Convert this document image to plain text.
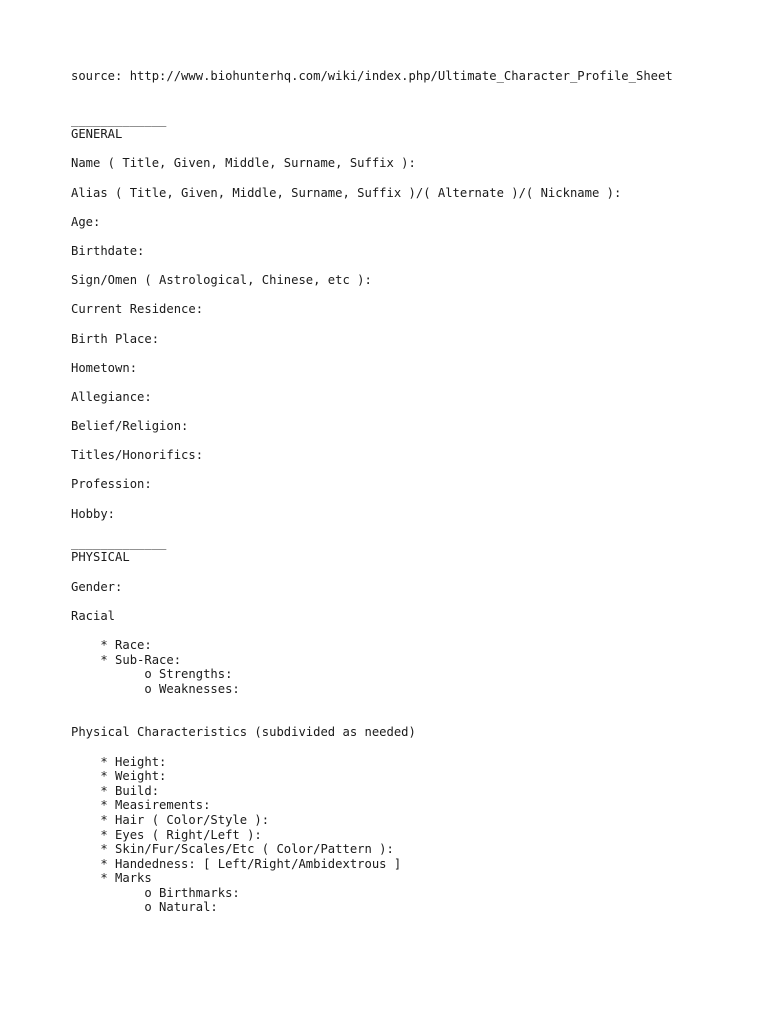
source: http://www.biohunterhq.com/wiki/index.php/Ultimate_Character_Profile_Sheet
_____________
GENERAL
Name ( Title, Given, Middle, Surname, Suffix ):
Alias ( Title, Given, Middle, Surname, Suffix )/( Alternate )/( Nickname ):
Age:
Birthdate:
Sign/Omen ( Astrological, Chinese, etc ):
Current Residence:
Birth Place:
Hometown:
Allegiance:
Belief/Religion:
Titles/Honorifics:
Profession:
Hobby:
_____________
PHYSICAL
Gender:
Racial
* Race:
* Sub-Race:
o Strengths:
o Weaknesses:
Physical Characteristics (subdivided as needed)
* Height:
* Weight:
* Build:
* Measirements:
* Hair ( Color/Style ):
* Eyes ( Right/Left ):
* Skin/Fur/Scales/Etc ( Color/Pattern ):
* Handedness: [ Left/Right/Ambidextrous ]
* Marks
o Birthmarks:
o Natural:
